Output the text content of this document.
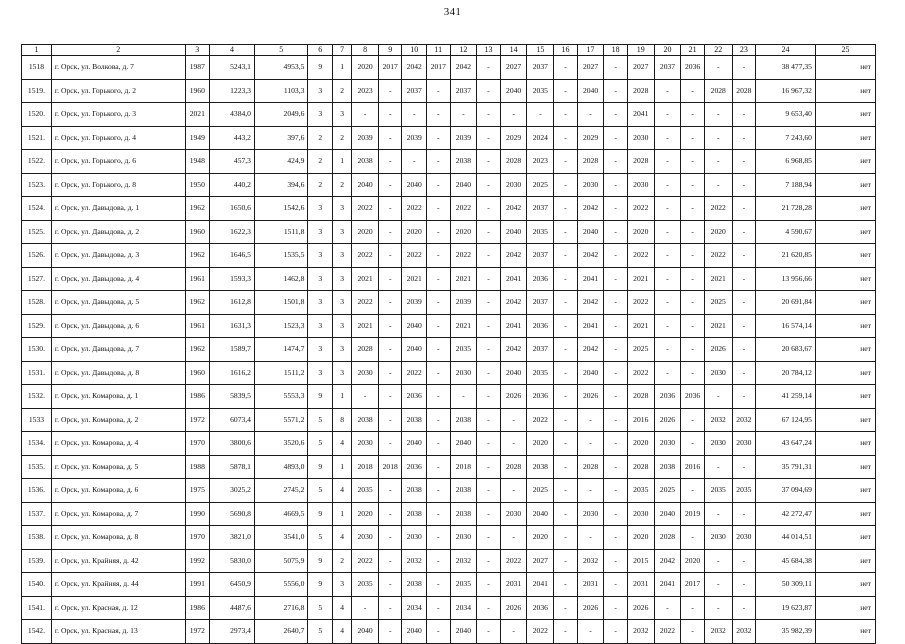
341
1	2	3	4	5	6	7	8	9	10	11	12	13	14	15	16	17	18	19	20	21	22	23	24	25
1518	г. Орск, ул. Волкова, д. 7	1987	5243,1	4953,5	9	1	2020	2017	2042	2017	2042	-	2027	2037	-	2027	-	2027	2037	2036	-	-	38 477,35	нет
1519.	г. Орск, ул. Горького, д. 2	1960	1223,3	1103,3	3	2	2023	-	2037	-	2037	-	2040	2035	-	2040	-	2028	-	-	2028	2028	16 967,32	нет
1520.	г. Орск, ул. Горького, д. 3	2021	4384,0	2049,6	3	3	-	-	-	-	-	-	-	-	-	-	-	2041	-	-	-	-	9 653,40	нет
1521.	г. Орск, ул. Горького, д. 4	1949	443,2	397,6	2	2	2039	-	2039	-	2039	-	2029	2024	-	2029	-	2030	-	-	-	-	7 243,60	нет
1522.	г. Орск, ул. Горького, д. 6	1948	457,3	424,9	2	1	2038	-	-	-	2038	-	2028	2023	-	2028	-	2028	-	-	-	-	6 968,85	нет
1523.	г. Орск, ул. Горького, д. 8	1950	440,2	394,6	2	2	2040	-	2040	-	2040	-	2030	2025	-	2030	-	2030	-	-	-	-	7 188,94	нет
1524.	г. Орск, ул. Давыдова, д. 1	1962	1650,6	1542,6	3	3	2022	-	2022	-	2022	-	2042	2037	-	2042	-	2022	-	-	2022	-	21 728,28	нет
1525.	г. Орск, ул. Давыдова, д. 2	1960	1622,3	1511,8	3	3	2020	-	2020	-	2020	-	2040	2035	-	2040	-	2020	-	-	2020	-	4 590,67	нет
1526.	г. Орск, ул. Давыдова, д. 3	1962	1646,5	1535,5	3	3	2022	-	2022	-	2022	-	2042	2037	-	2042	-	2022	-	-	2022	-	21 620,85	нет
1527.	г. Орск, ул. Давыдова, д. 4	1961	1593,3	1462,8	3	3	2021	-	2021	-	2021	-	2041	2036	-	2041	-	2021	-	-	2021	-	13 956,66	нет
1528.	г. Орск, ул. Давыдова, д. 5	1962	1612,8	1501,8	3	3	2022	-	2039	-	2039	-	2042	2037	-	2042	-	2022	-	-	2025	-	20 691,84	нет
1529.	г. Орск, ул. Давыдова, д. 6	1961	1631,3	1523,3	3	3	2021	-	2040	-	2021	-	2041	2036	-	2041	-	2021	-	-	2021	-	16 574,14	нет
1530.	г. Орск, ул. Давыдова, д. 7	1962	1589,7	1474,7	3	3	2028	-	2040	-	2035	-	2042	2037	-	2042	-	2025	-	-	2026	-	20 683,67	нет
1531.	г. Орск, ул. Давыдова, д. 8	1960	1616,2	1511,2	3	3	2030	-	2022	-	2030	-	2040	2035	-	2040	-	2022	-	-	2030	-	20 784,12	нет
1532.	г. Орск, ул. Комарова, д. 1	1986	5839,5	5553,3	9	1	-	-	2036	-	-	-	2026	2036	-	2026	-	2028	2036	2036	-	-	41 259,14	нет
1533	г. Орск, ул. Комарова, д. 2	1972	6073,4	5571,2	5	8	2038	-	2038	-	2038	-	-	2022	-	-	-	2016	2026	-	2032	2032	67 124,95	нет
1534.	г. Орск, ул. Комарова, д. 4	1970	3800,6	3520,6	5	4	2030	-	2040	-	2040	-	-	2020	-	-	-	2020	2030	-	2030	2030	43 647,24	нет
1535.	г. Орск, ул. Комарова, д. 5	1988	5878,1	4893,0	9	1	2018	2018	2036	-	2018	-	2028	2038	-	2028	-	2028	2038	2016	-	-	35 791,31	нет
1536.	г. Орск, ул. Комарова, д. 6	1975	3025,2	2745,2	5	4	2035	-	2038	-	2038	-	-	2025	-	-	-	2035	2025	-	2035	2035	37 094,69	нет
1537.	г. Орск, ул. Комарова, д. 7	1990	5690,8	4669,5	9	1	2020	-	2038	-	2038	-	2030	2040	-	2030	-	2030	2040	2019	-	-	42 272,47	нет
1538.	г. Орск, ул. Комарова, д. 8	1970	3821,0	3541,0	5	4	2030	-	2030	-	2030	-	-	2020	-	-	-	2020	2028	-	2030	2030	44 014,51	нет
1539.	г. Орск, ул. Крайняя, д. 42	1992	5830,0	5075,9	9	2	2022	-	2032	-	2032	-	2022	2027	-	2032	-	2015	2042	2020	-	-	45 684,38	нет
1540.	г. Орск, ул. Крайняя, д. 44	1991	6450,9	5556,0	9	3	2035	-	2038	-	2035	-	2031	2041	-	2031	-	2031	2041	2017	-	-	50 309,11	нет
1541.	г. Орск, ул. Красная, д. 12	1986	4487,6	2716,8	5	4	-	-	2034	-	2034	-	2026	2036	-	2026	-	2026	-	-	-	-	19 623,87	нет
1542.	г. Орск, ул. Красная, д. 13	1972	2973,4	2640,7	5	4	2040	-	2040	-	2040	-	-	2022	-	-	-	2032	2022	-	2032	2032	35 982,39	нет
